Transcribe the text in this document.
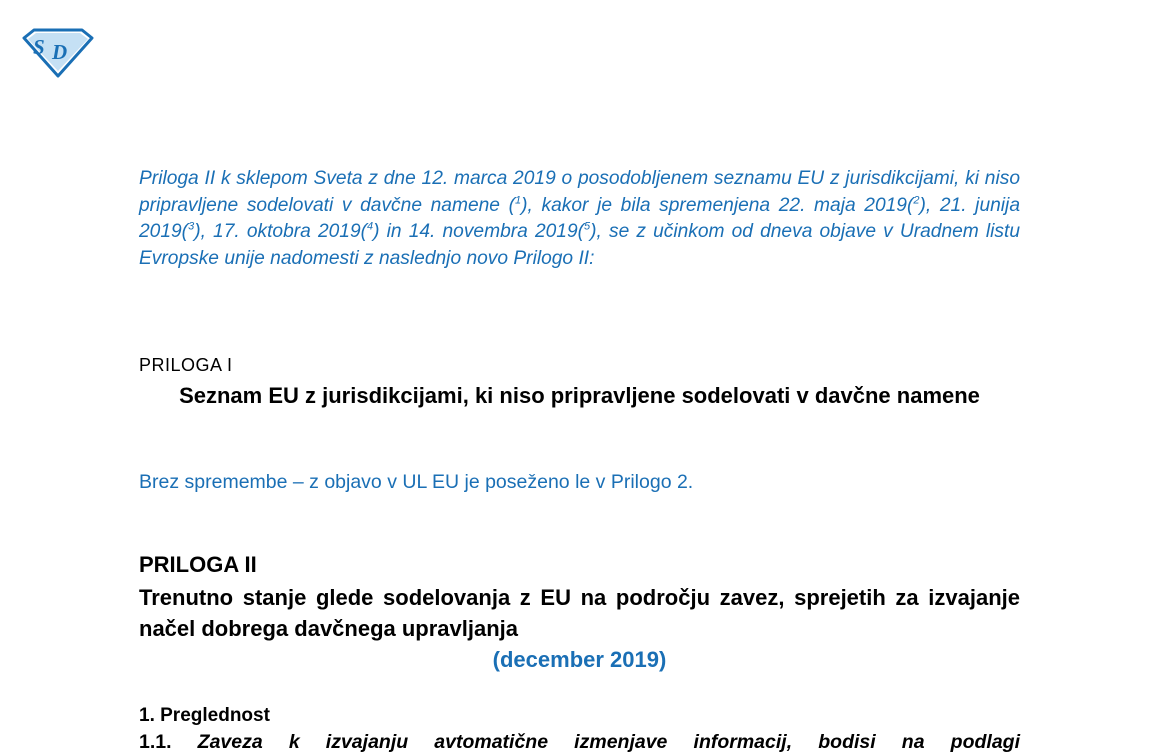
S D
Priloga II k sklepom Sveta z dne 12. marca 2019 o posodobljenem seznamu EU z jurisdikcijami, ki niso pripravljene sodelovati v davčne namene ($^1$), kakor je bila spremenjena 22. maja 2019($^2$), 21. junija 2019($^3$), 17. oktobra 2019($^4$) in 14. novembra 2019($^5$), se z učinkom od dneva objave v Uradnem listu Evropske unije nadomesti z naslednjo novo Prilogo II:
PRILOGA I
Seznam EU z jurisdikcijami, ki niso pripravljene sodelovati v davčne namene
Brez spremembe – z objavo v UL EU je poseženo le v Prilogo 2.
PRILOGA II
Trenutno stanje glede sodelovanja z EU na področju zavez, sprejetih za izvajanje načel dobrega davčnega upravljanja
(december 2019)
1. Preglednost
1.1. Zaveza k izvajanju avtomatične izmenjave informacij, bodisi na podlagi
